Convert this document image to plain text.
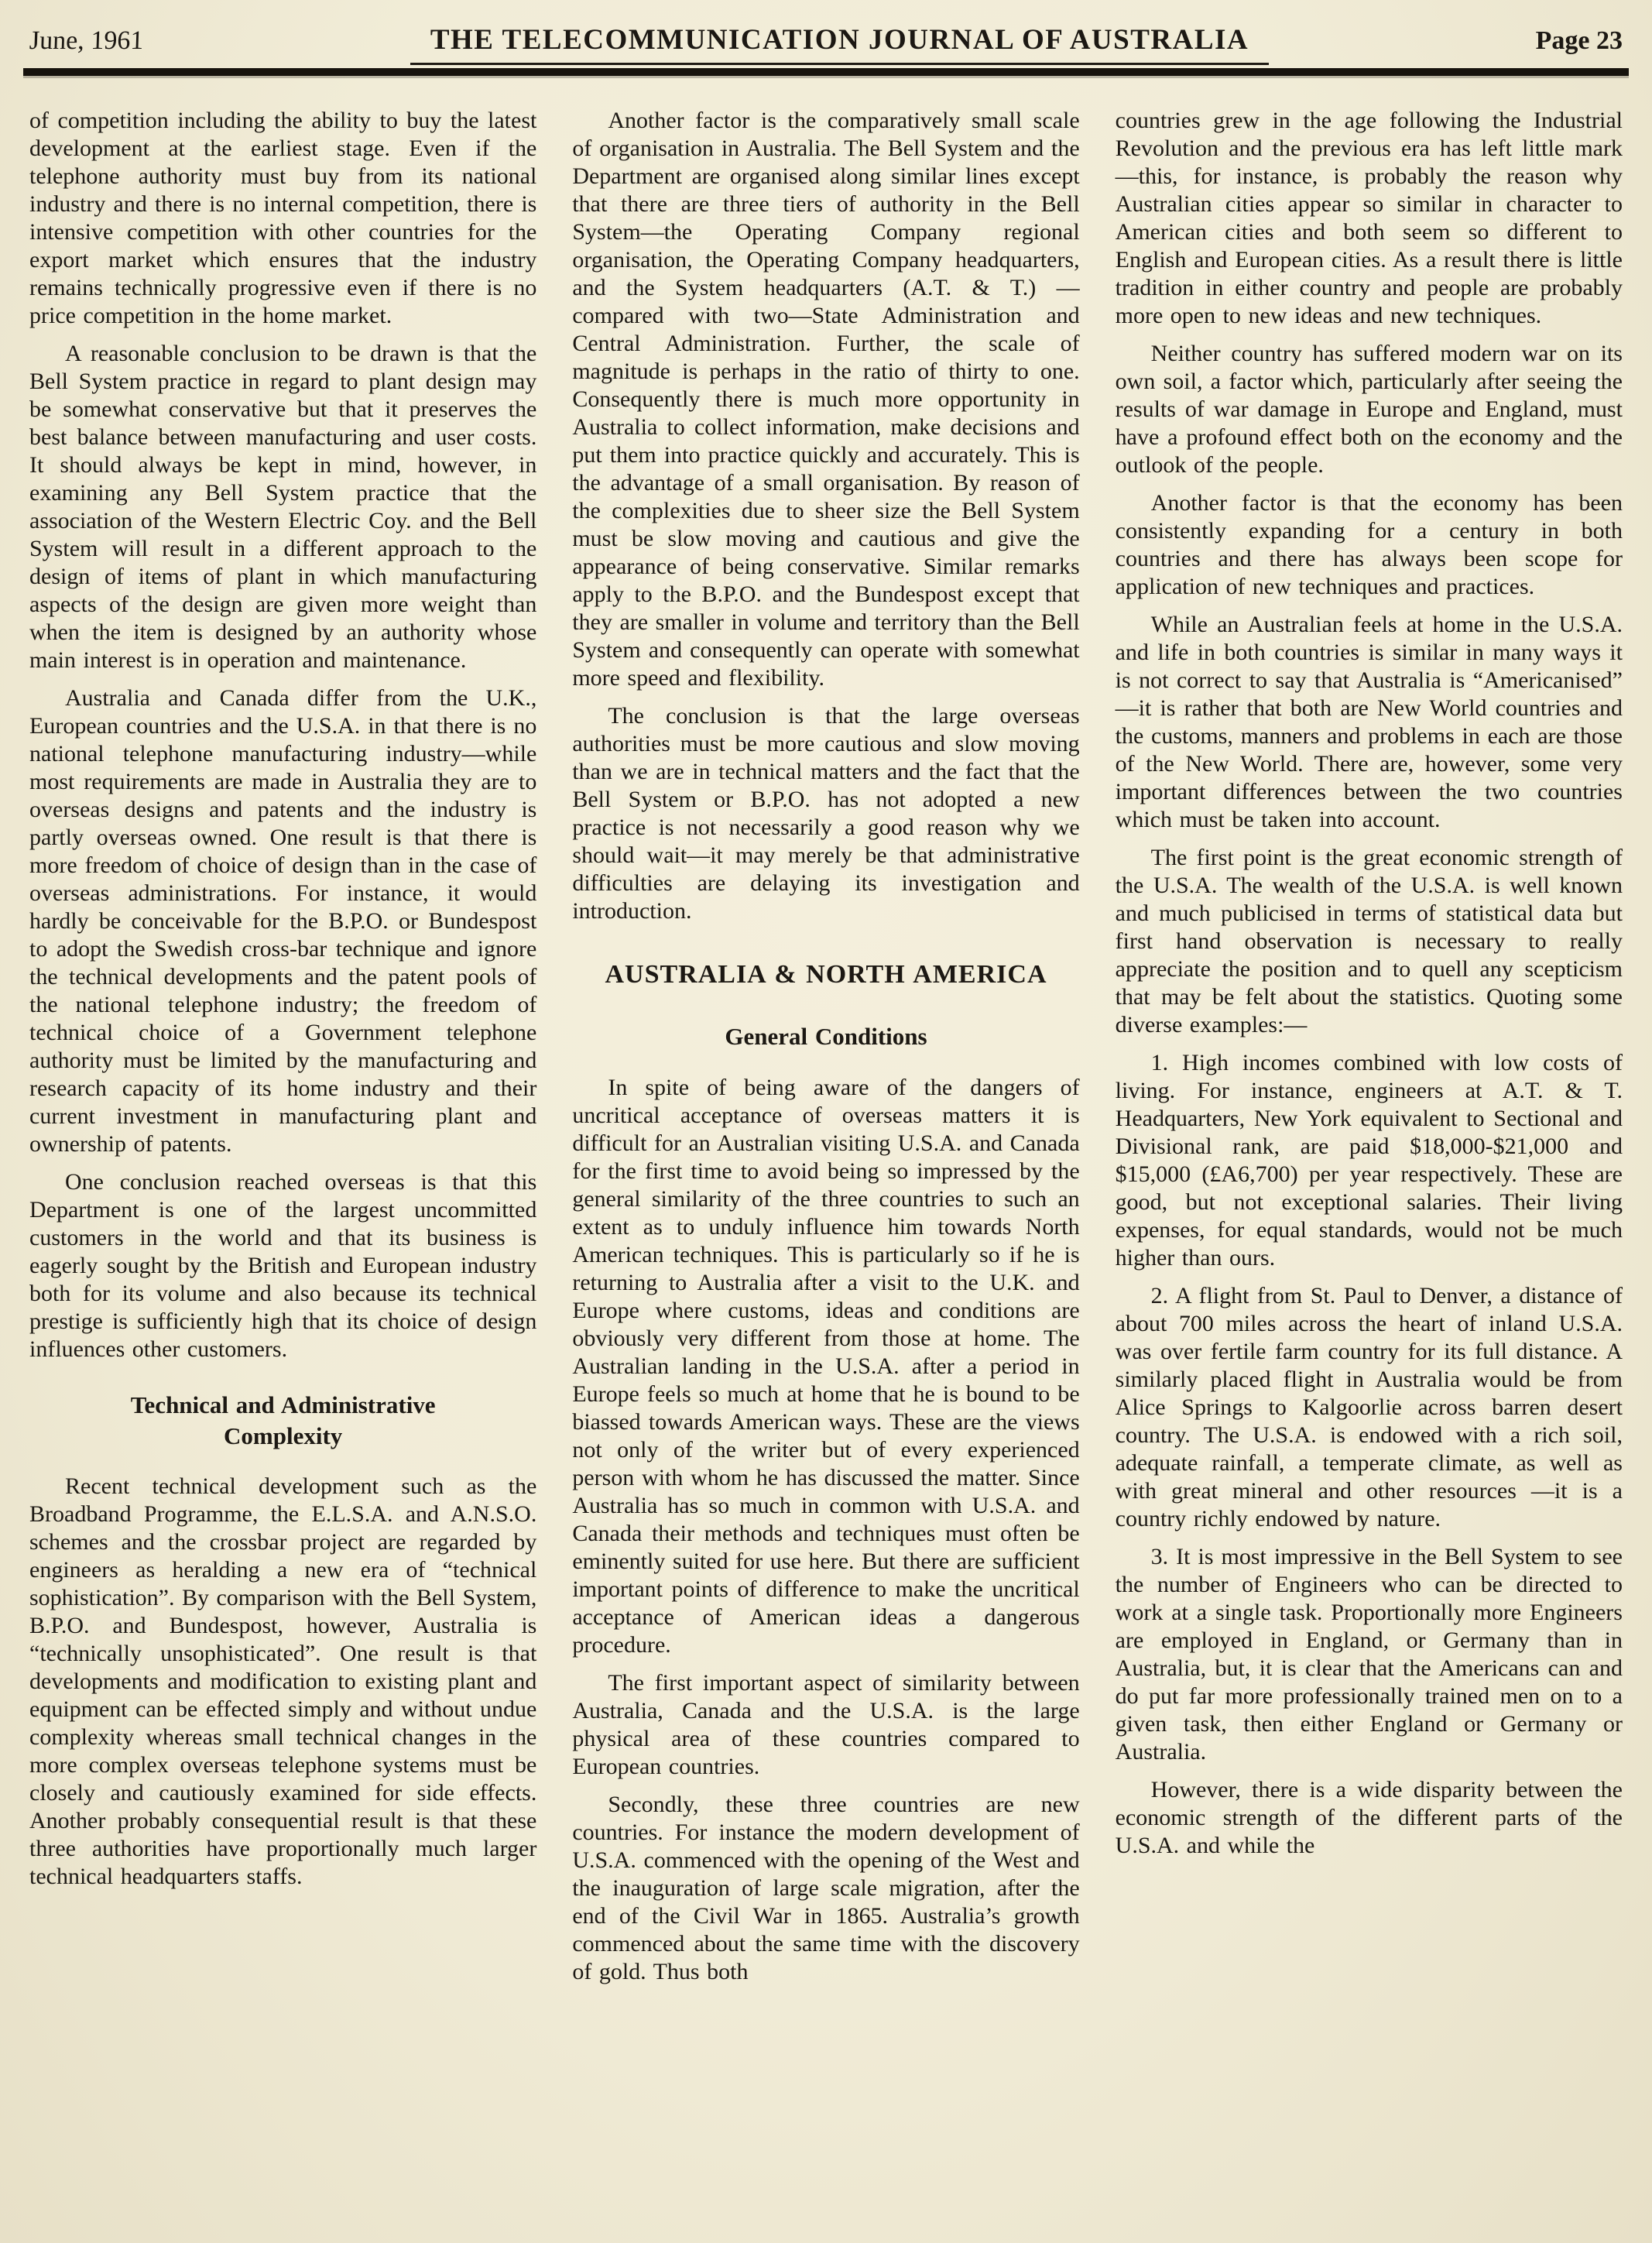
June, 1961	THE TELECOMMUNICATION JOURNAL OF AUSTRALIA	Page 23

of competition including the ability to buy the latest development at the earliest stage. Even if the telephone authority must buy from its national industry and there is no internal competition, there is intensive competition with other countries for the export market which ensures that the industry remains technically progressive even if there is no price competition in the home market.

A reasonable conclusion to be drawn is that the Bell System practice in regard to plant design may be somewhat conservative but that it preserves the best balance between manufacturing and user costs. It should always be kept in mind, however, in examining any Bell System practice that the association of the Western Electric Coy. and the Bell System will result in a different approach to the design of items of plant in which manufacturing aspects of the design are given more weight than when the item is designed by an authority whose main interest is in operation and maintenance.

Australia and Canada differ from the U.K., European countries and the U.S.A. in that there is no national telephone manufacturing industry—while most requirements are made in Australia they are to overseas designs and patents and the industry is partly overseas owned. One result is that there is more freedom of choice of design than in the case of overseas administrations. For instance, it would hardly be conceivable for the B.P.O. or Bundespost to adopt the Swedish cross-bar technique and ignore the technical developments and the patent pools of the national telephone industry; the freedom of technical choice of a Government telephone authority must be limited by the manufacturing and research capacity of its home industry and their current investment in manufacturing plant and ownership of patents.

One conclusion reached overseas is that this Department is one of the largest uncommitted customers in the world and that its business is eagerly sought by the British and European industry both for its volume and also because its technical prestige is sufficiently high that its choice of design influences other customers.

Technical and Administrative Complexity

Recent technical development such as the Broadband Programme, the E.L.S.A. and A.N.S.O. schemes and the crossbar project are regarded by engineers as heralding a new era of “technical sophistication”. By comparison with the Bell System, B.P.O. and Bundespost, however, Australia is “technically unsophisticated”. One result is that developments and modification to existing plant and equipment can be effected simply and without undue complexity whereas small technical changes in the more complex overseas telephone systems must be closely and cautiously examined for side effects. Another probably consequential result is that these three authorities have proportionally much larger technical headquarters staffs.

Another factor is the comparatively small scale of organisation in Australia. The Bell System and the Department are organised along similar lines except that there are three tiers of authority in the Bell System—the Operating Company regional organisation, the Operating Company headquarters, and the System headquarters (A.T. & T.) — compared with two—State Administration and Central Administration. Further, the scale of magnitude is perhaps in the ratio of thirty to one. Consequently there is much more opportunity in Australia to collect information, make decisions and put them into practice quickly and accurately. This is the advantage of a small organisation. By reason of the complexities due to sheer size the Bell System must be slow moving and cautious and give the appearance of being conservative. Similar remarks apply to the B.P.O. and the Bundespost except that they are smaller in volume and territory than the Bell System and consequently can operate with somewhat more speed and flexibility.

The conclusion is that the large overseas authorities must be more cautious and slow moving than we are in technical matters and the fact that the Bell System or B.P.O. has not adopted a new practice is not necessarily a good reason why we should wait—it may merely be that administrative difficulties are delaying its investigation and introduction.

AUSTRALIA & NORTH AMERICA
General Conditions

In spite of being aware of the dangers of uncritical acceptance of overseas matters it is difficult for an Australian visiting U.S.A. and Canada for the first time to avoid being so impressed by the general similarity of the three countries to such an extent as to unduly influence him towards North American techniques. This is particularly so if he is returning to Australia after a visit to the U.K. and Europe where customs, ideas and conditions are obviously very different from those at home. The Australian landing in the U.S.A. after a period in Europe feels so much at home that he is bound to be biassed towards American ways. These are the views not only of the writer but of every experienced person with whom he has discussed the matter. Since Australia has so much in common with U.S.A. and Canada their methods and techniques must often be eminently suited for use here. But there are sufficient important points of difference to make the uncritical acceptance of American ideas a dangerous procedure.

The first important aspect of similarity between Australia, Canada and the U.S.A. is the large physical area of these countries compared to European countries.

Secondly, these three countries are new countries. For instance the modern development of U.S.A. commenced with the opening of the West and the inauguration of large scale migration, after the end of the Civil War in 1865. Australia’s growth commenced about the same time with the discovery of gold. Thus both

countries grew in the age following the Industrial Revolution and the previous era has left little mark—this, for instance, is probably the reason why Australian cities appear so similar in character to American cities and both seem so different to English and European cities. As a result there is little tradition in either country and people are probably more open to new ideas and new techniques.

Neither country has suffered modern war on its own soil, a factor which, particularly after seeing the results of war damage in Europe and England, must have a profound effect both on the economy and the outlook of the people.

Another factor is that the economy has been consistently expanding for a century in both countries and there has always been scope for application of new techniques and practices.

While an Australian feels at home in the U.S.A. and life in both countries is similar in many ways it is not correct to say that Australia is “Americanised” —it is rather that both are New World countries and the customs, manners and problems in each are those of the New World. There are, however, some very important differences between the two countries which must be taken into account.

The first point is the great economic strength of the U.S.A. The wealth of the U.S.A. is well known and much publicised in terms of statistical data but first hand observation is necessary to really appreciate the position and to quell any scepticism that may be felt about the statistics. Quoting some diverse examples:—

1. High incomes combined with low costs of living. For instance, engineers at A.T. & T. Headquarters, New York equivalent to Sectional and Divisional rank, are paid $18,000-$21,000 and $15,000 (£A6,700) per year respectively. These are good, but not exceptional salaries. Their living expenses, for equal standards, would not be much higher than ours.

2. A flight from St. Paul to Denver, a distance of about 700 miles across the heart of inland U.S.A. was over fertile farm country for its full distance. A similarly placed flight in Australia would be from Alice Springs to Kalgoorlie across barren desert country. The U.S.A. is endowed with a rich soil, adequate rainfall, a temperate climate, as well as with great mineral and other resources —it is a country richly endowed by nature.

3. It is most impressive in the Bell System to see the number of Engineers who can be directed to work at a single task. Proportionally more Engineers are employed in England, or Germany than in Australia, but, it is clear that the Americans can and do put far more professionally trained men on to a given task, then either England or Germany or Australia.

However, there is a wide disparity between the economic strength of the different parts of the U.S.A. and while the
